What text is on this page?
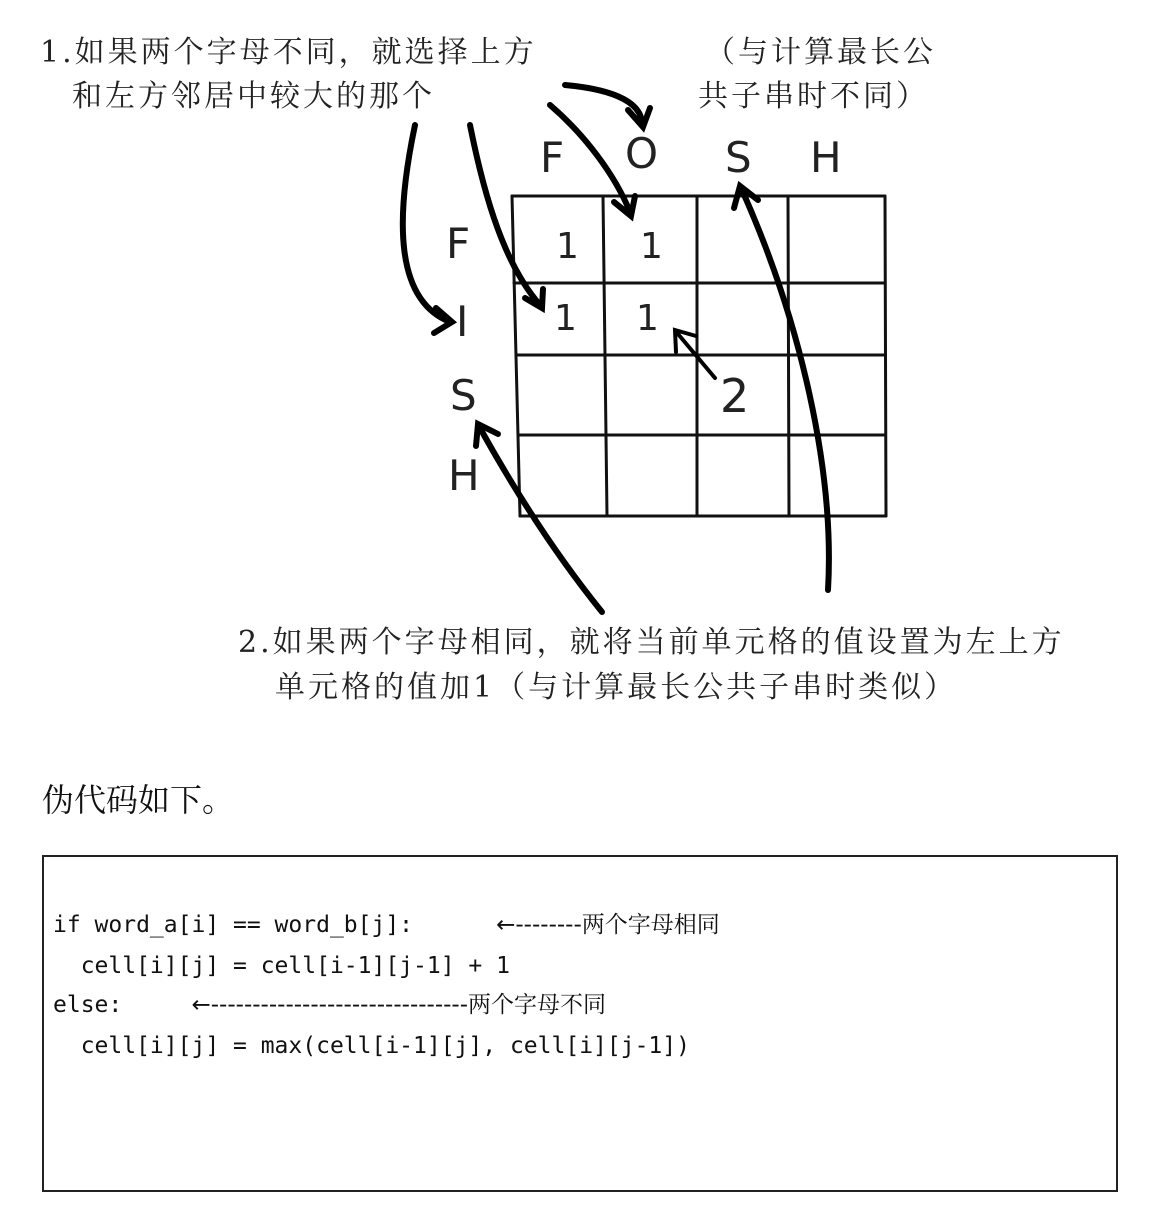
1.如果两个字母不同，就选择上方
和左方邻居中较大的那个
（与计算最长公
共子串时不同）
2.如果两个字母相同，就将当前单元格的值设置为左上方
单元格的值加1（与计算最长公共子串时类似）
F O S H
F
I
S
H
1 1
1 1
2

伪代码如下。

if word_a[i] == word_b[j]:      ←--------两个字母相同
cell[i][j] = cell[i-1][j-1] + 1
else:     ←-------------------------------两个字母不同
cell[i][j] = max(cell[i-1][j], cell[i][j-1])
